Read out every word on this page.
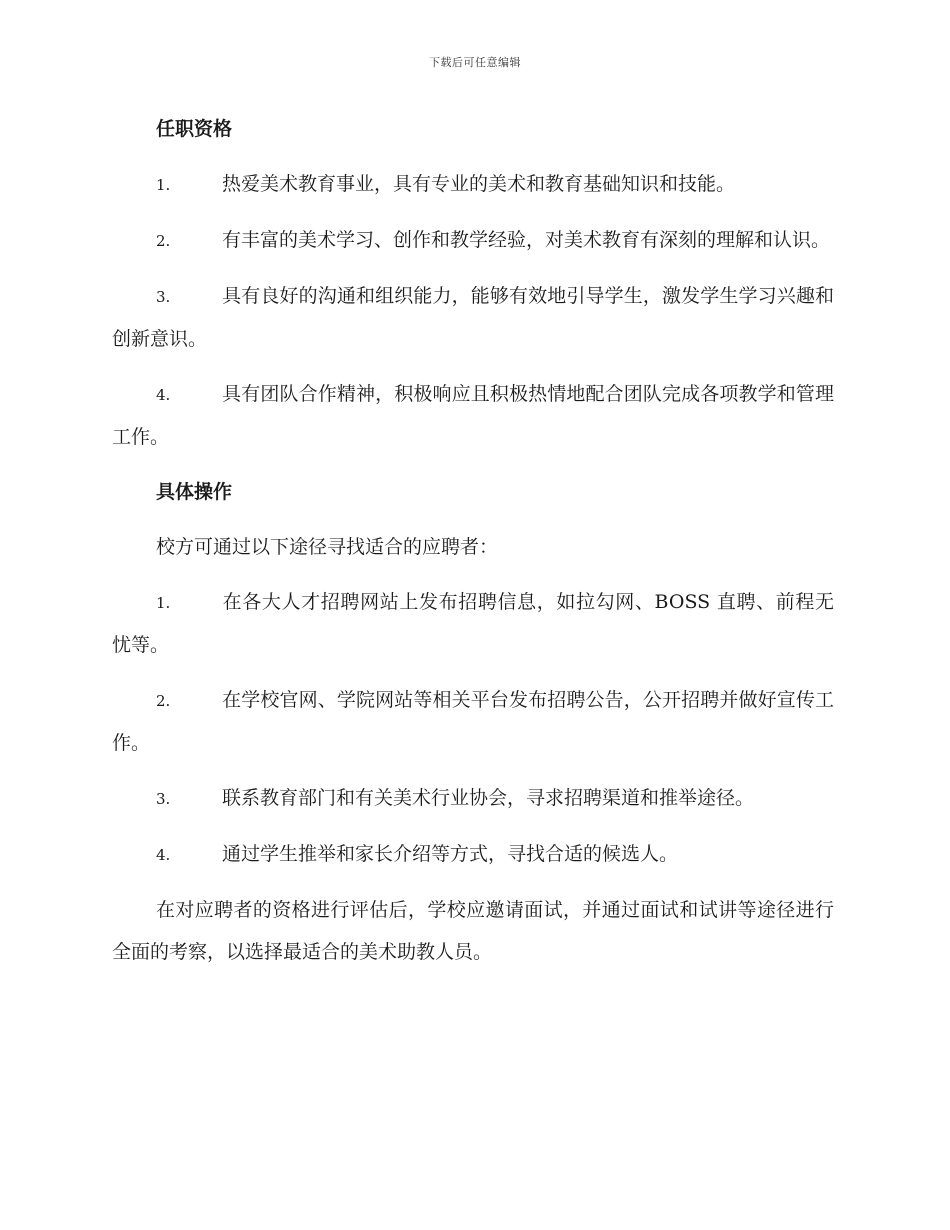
下载后可任意编辑
任职资格
1.	热爱美术教育事业，具有专业的美术和教育基础知识和技能。
2.	有丰富的美术学习、创作和教学经验，对美术教育有深刻的理解和认识。
3.	具有良好的沟通和组织能力，能够有效地引导学生，激发学生学习兴趣和创新意识。
4.	具有团队合作精神，积极响应且积极热情地配合团队完成各项教学和管理工作。
具体操作
校方可通过以下途径寻找适合的应聘者：
1.	在各大人才招聘网站上发布招聘信息，如拉勾网、BOSS 直聘、前程无忧等。
2.	在学校官网、学院网站等相关平台发布招聘公告，公开招聘并做好宣传工作。
3.	联系教育部门和有关美术行业协会，寻求招聘渠道和推举途径。
4.	通过学生推举和家长介绍等方式，寻找合适的候选人。
在对应聘者的资格进行评估后，学校应邀请面试，并通过面试和试讲等途径进行全面的考察，以选择最适合的美术助教人员。
